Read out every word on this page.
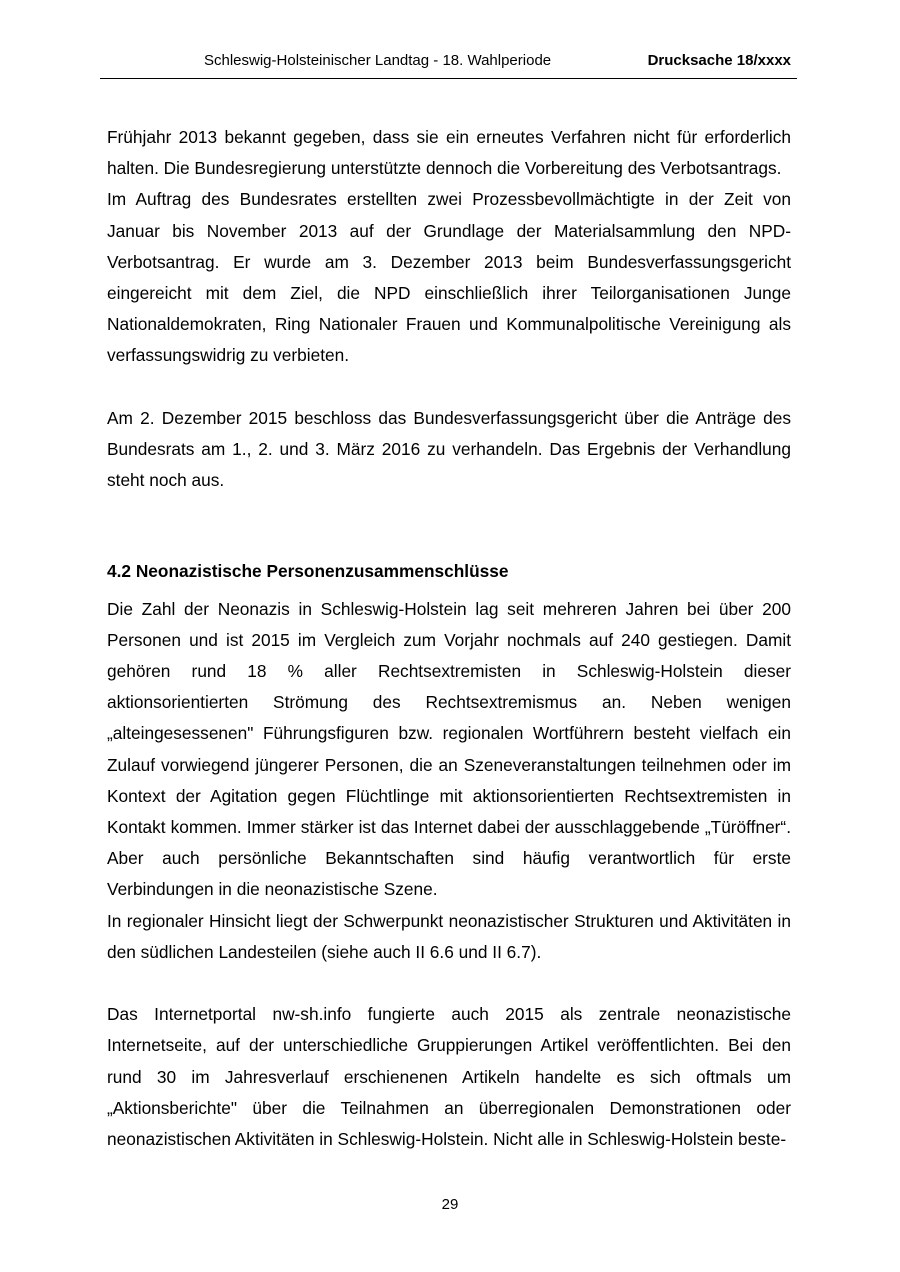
Schleswig-Holsteinischer Landtag - 18. Wahlperiode	Drucksache 18/xxxx

Frühjahr 2013 bekannt gegeben, dass sie ein erneutes Verfahren nicht für erforderlich halten. Die Bundesregierung unterstützte dennoch die Vorbereitung des Verbotsantrags.

Im Auftrag des Bundesrates erstellten zwei Prozessbevollmächtigte in der Zeit von Januar bis November 2013 auf der Grundlage der Materialsammlung den NPD-Verbotsantrag. Er wurde am 3. Dezember 2013 beim Bundesverfassungsgericht eingereicht mit dem Ziel, die NPD einschließlich ihrer Teilorganisationen Junge Nationaldemokraten, Ring Nationaler Frauen und Kommunalpolitische Vereinigung als verfassungswidrig zu verbieten.

Am 2. Dezember 2015 beschloss das Bundesverfassungsgericht über die Anträge des Bundesrats am 1., 2. und 3. März 2016 zu verhandeln. Das Ergebnis der Verhandlung steht noch aus.

4.2 Neonazistische Personenzusammenschlüsse

Die Zahl der Neonazis in Schleswig-Holstein lag seit mehreren Jahren bei über 200 Personen und ist 2015 im Vergleich zum Vorjahr nochmals auf 240 gestiegen. Damit gehören rund 18 % aller Rechtsextremisten in Schleswig-Holstein dieser aktionsorientierten Strömung des Rechtsextremismus an. Neben wenigen „alteingesessenen" Führungsfiguren bzw. regionalen Wortführern besteht vielfach ein Zulauf vorwiegend jüngerer Personen, die an Szeneveranstaltungen teilnehmen oder im Kontext der Agitation gegen Flüchtlinge mit aktionsorientierten Rechtsextremisten in Kontakt kommen. Immer stärker ist das Internet dabei der ausschlaggebende „Türöffner“. Aber auch persönliche Bekanntschaften sind häufig verantwortlich für erste Verbindungen in die neonazistische Szene.

In regionaler Hinsicht liegt der Schwerpunkt neonazistischer Strukturen und Aktivitäten in den südlichen Landesteilen (siehe auch II 6.6 und II 6.7).

Das Internetportal nw-sh.info fungierte auch 2015 als zentrale neonazistische Internetseite, auf der unterschiedliche Gruppierungen Artikel veröffentlichten. Bei den rund 30 im Jahresverlauf erschienenen Artikeln handelte es sich oftmals um „Aktionsberichte" über die Teilnahmen an überregionalen Demonstrationen oder neonazistischen Aktivitäten in Schleswig-Holstein. Nicht alle in Schleswig-Holstein beste-

29
